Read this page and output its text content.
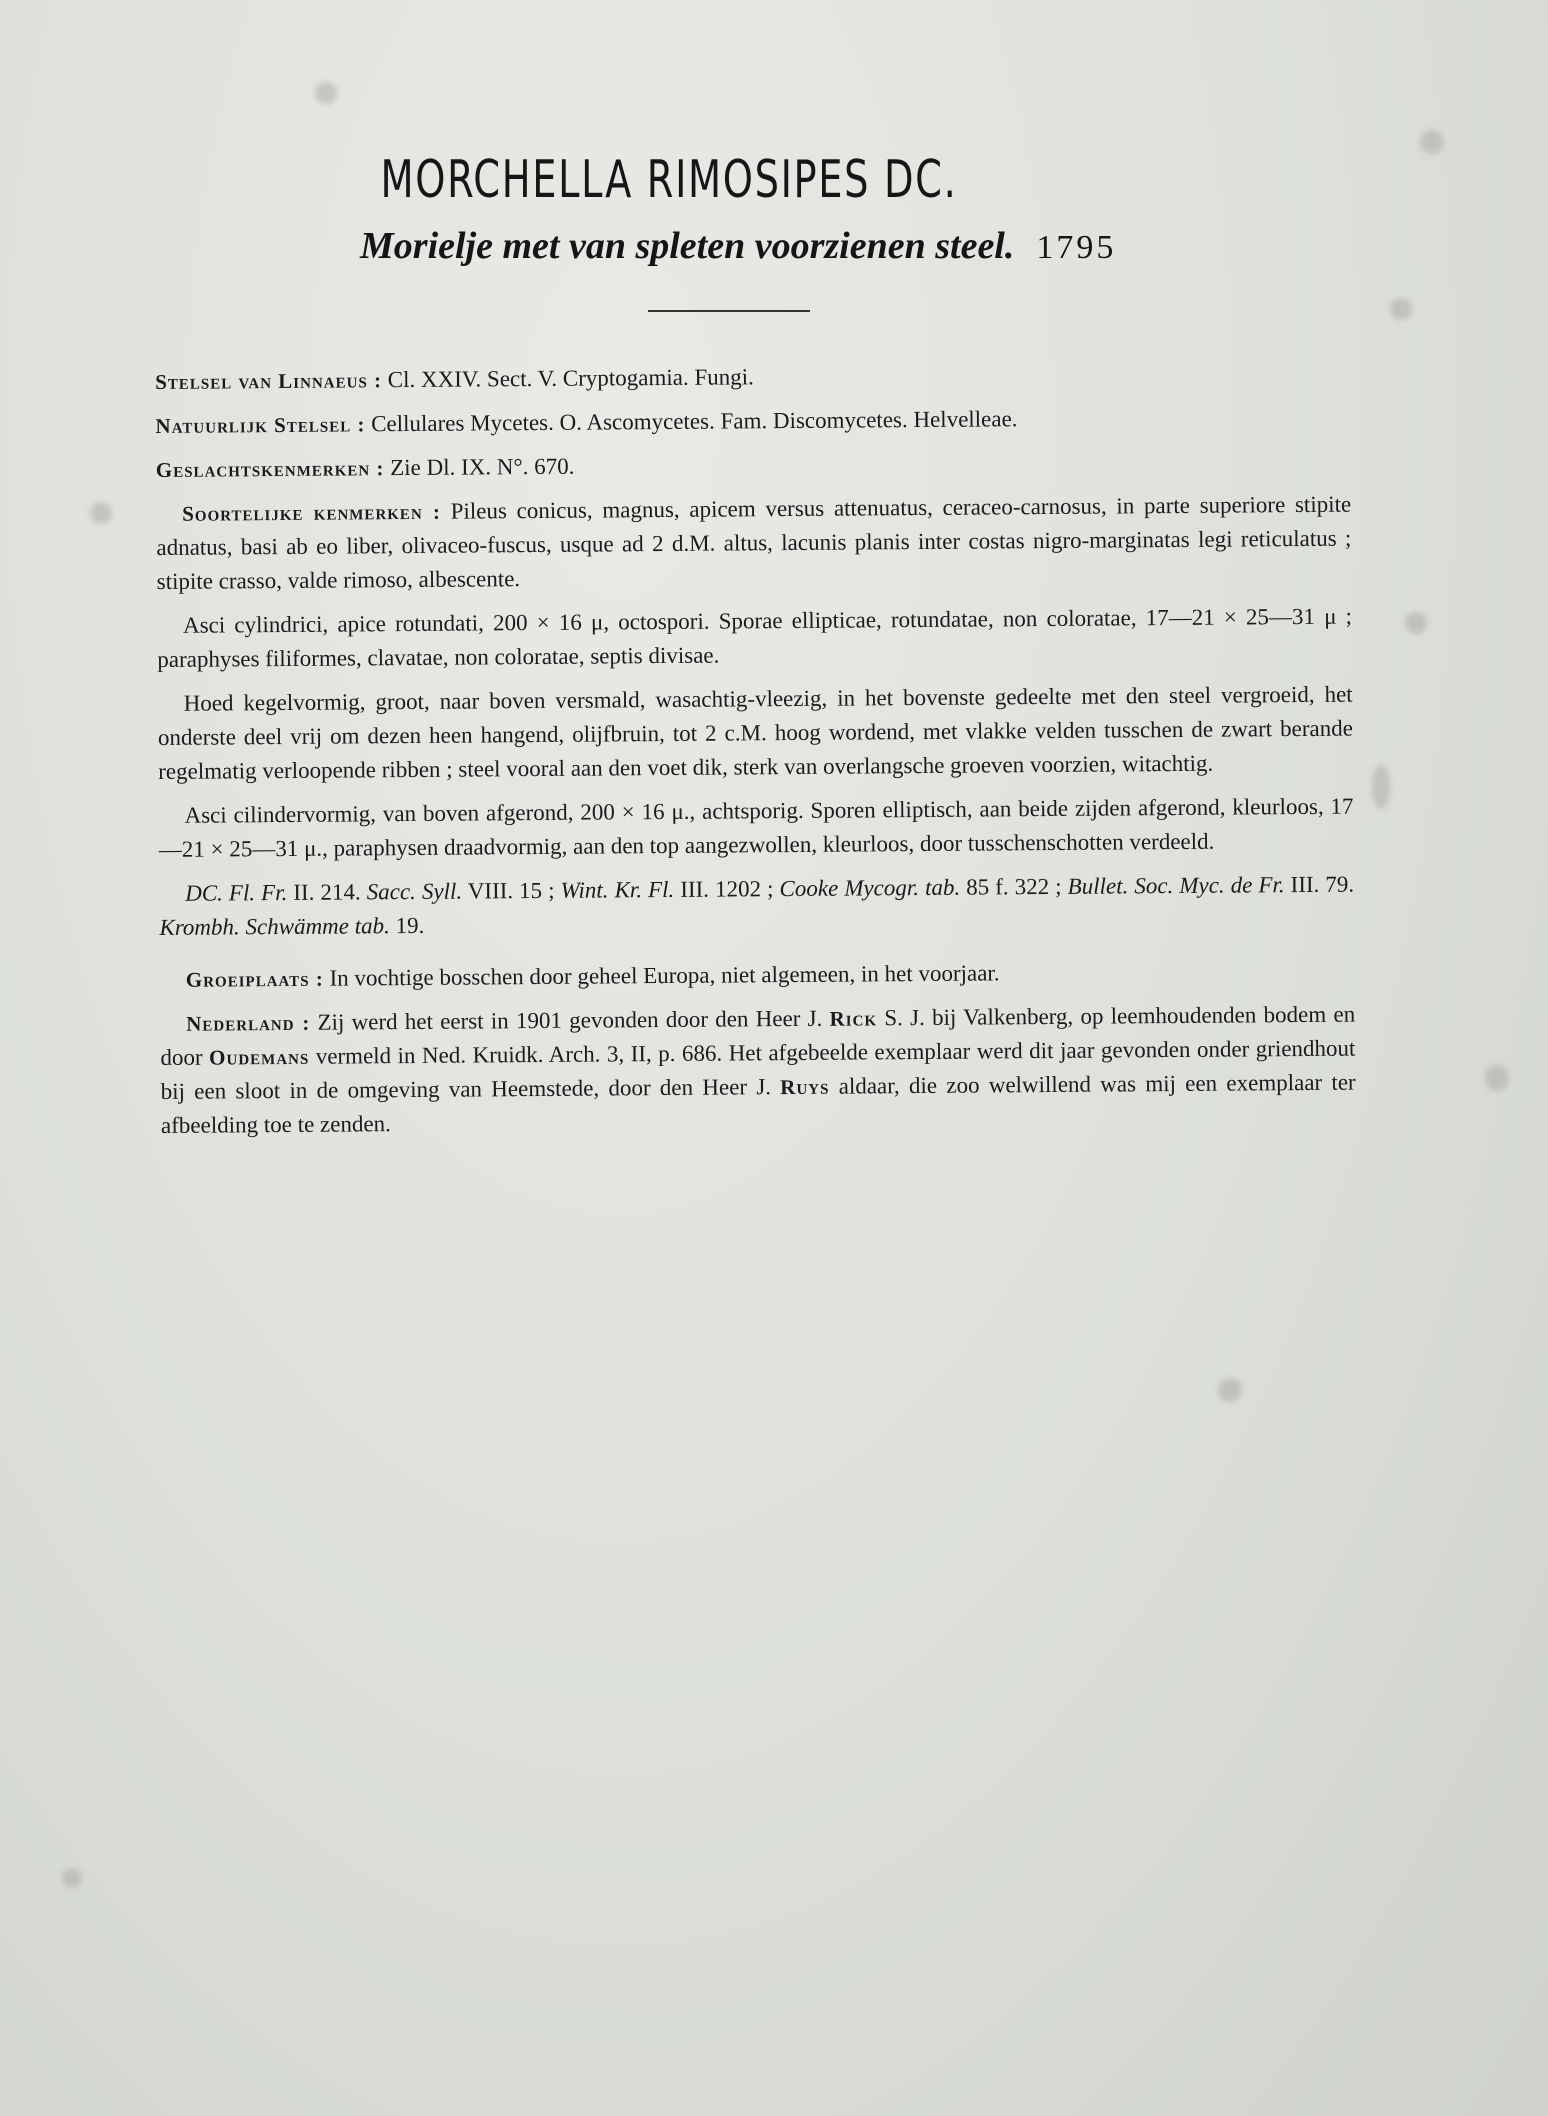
MORCHELLA RIMOSIPES DC.
Morielje met van spleten voorzienen steel. 1795

Stelsel van Linnaeus : Cl. XXIV. Sect. V. Cryptogamia. Fungi.

Natuurlijk Stelsel : Cellulares Mycetes. O. Ascomycetes. Fam. Discomycetes. Helvelleae.

Geslachtskenmerken : Zie Dl. IX. N°. 670.

Soortelijke kenmerken : Pileus conicus, magnus, apicem versus attenuatus, ceraceo-carnosus, in parte superiore stipite adnatus, basi ab eo liber, olivaceo-fuscus, usque ad 2 d.M. altus, lacunis planis inter costas nigro-marginatas legi reticulatus ; stipite crasso, valde rimoso, albescente.

Asci cylindrici, apice rotundati, 200 × 16 μ, octospori. Sporae ellipticae, rotundatae, non coloratae, 17—21 × 25—31 μ ; paraphyses filiformes, clavatae, non coloratae, septis divisae.

Hoed kegelvormig, groot, naar boven versmald, wasachtig-vleezig, in het bovenste gedeelte met den steel vergroeid, het onderste deel vrij om dezen heen hangend, olijfbruin, tot 2 c.M. hoog wordend, met vlakke velden tusschen de zwart berande regelmatig verloopende ribben ; steel vooral aan den voet dik, sterk van overlangsche groeven voorzien, witachtig.

Asci cilindervormig, van boven afgerond, 200 × 16 μ., achtsporig. Sporen elliptisch, aan beide zijden afgerond, kleurloos, 17—21 × 25—31 μ., paraphysen draadvormig, aan den top aangezwollen, kleurloos, door tusschenschotten verdeeld.

DC. Fl. Fr. II. 214. Sacc. Syll. VIII. 15 ; Wint. Kr. Fl. III. 1202 ; Cooke Mycogr. tab. 85 f. 322 ; Bullet. Soc. Myc. de Fr. III. 79. Krombh. Schwämme tab. 19.

Groeiplaats : In vochtige bosschen door geheel Europa, niet algemeen, in het voorjaar.

Nederland : Zij werd het eerst in 1901 gevonden door den Heer J. Rick S. J. bij Valkenberg, op leemhoudenden bodem en door Oudemans vermeld in Ned. Kruidk. Arch. 3, II, p. 686. Het afgebeelde exemplaar werd dit jaar gevonden onder griendhout bij een sloot in de omgeving van Heemstede, door den Heer J. Ruys aldaar, die zoo welwillend was mij een exemplaar ter afbeelding toe te zenden.
